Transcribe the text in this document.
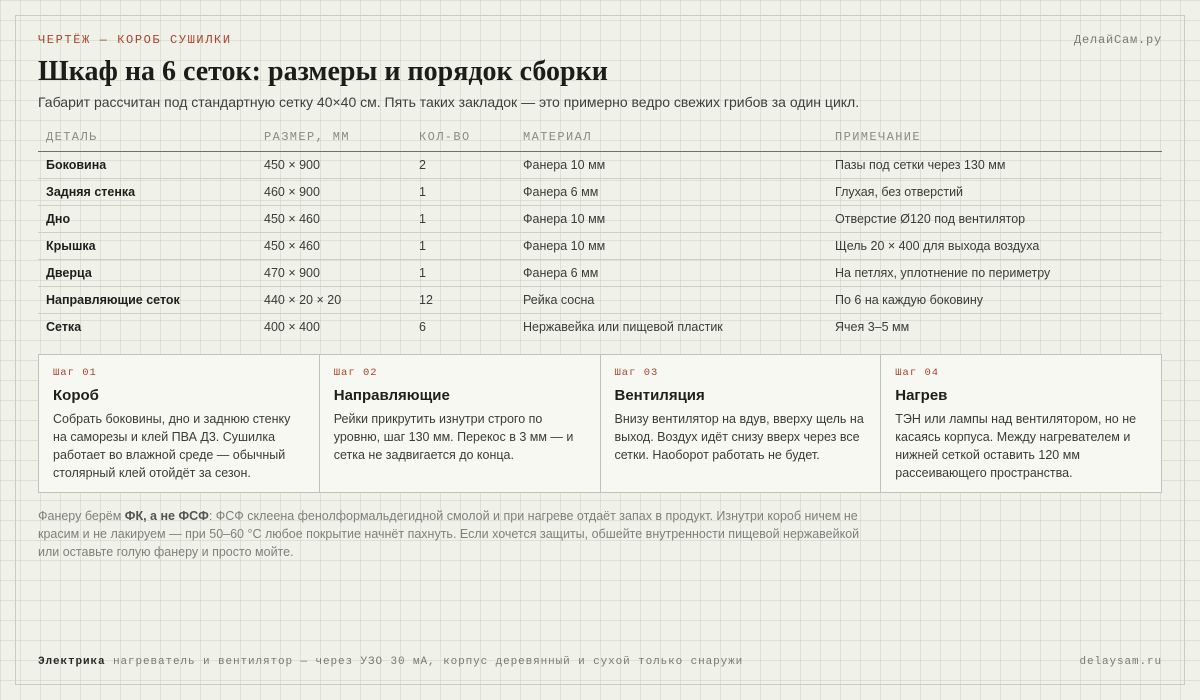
ЧЕРТЁЖ — КОРОБ СУШИЛКИ	ДелайСам.ру
Шкаф на 6 сеток: размеры и порядок сборки

Габарит рассчитан под стандартную сетку 40×40 см. Пять таких закладок — это примерно ведро свежих грибов за один цикл.

ДЕТАЛЬ	РАЗМЕР, ММ	КОЛ-ВО	МАТЕРИАЛ	ПРИМЕЧАНИЕ
Боковина	450 × 900	2	Фанера 10 мм	Пазы под сетки через 130 мм
Задняя стенка	460 × 900	1	Фанера 6 мм	Глухая, без отверстий
Дно	450 × 460	1	Фанера 10 мм	Отверстие Ø120 под вентилятор
Крышка	450 × 460	1	Фанера 10 мм	Щель 20 × 400 для выхода воздуха
Дверца	470 × 900	1	Фанера 6 мм	На петлях, уплотнение по периметру
Направляющие сеток	440 × 20 × 20	12	Рейка сосна	По 6 на каждую боковину
Сетка	400 × 400	6	Нержавейка или пищевой пластик	Ячея 3–5 мм
Шаг 01
Короб
Собрать боковины, дно и заднюю стенку на саморезы и клей ПВА Д3. Сушилка работает во влажной среде — обычный столярный клей отойдёт за сезон.
Шаг 02
Направляющие
Рейки прикрутить изнутри строго по уровню, шаг 130 мм. Перекос в 3 мм — и сетка не задвигается до конца.
Шаг 03
Вентиляция
Внизу вентилятор на вдув, вверху щель на выход. Воздух идёт снизу вверх через все сетки. Наоборот работать не будет.
Шаг 04
Нагрев
ТЭН или лампы над вентилятором, но не касаясь корпуса. Между нагревателем и нижней сеткой оставить 120 мм рассеивающего пространства.

Фанеру берём ФК, а не ФСФ: ФСФ склеена фенолформальдегидной смолой и при нагреве отдаёт запах в продукт. Изнутри короб ничем не красим и не лакируем — при 50–60 °C любое покрытие начнёт пахнуть. Если хочется защиты, обшейте внутренности пищевой нержавейкой или оставьте голую фанеру и просто мойте.

Электрика нагреватель и вентилятор — через УЗО 30 мА, корпус деревянный и сухой только снаружи	delaysam.ru
